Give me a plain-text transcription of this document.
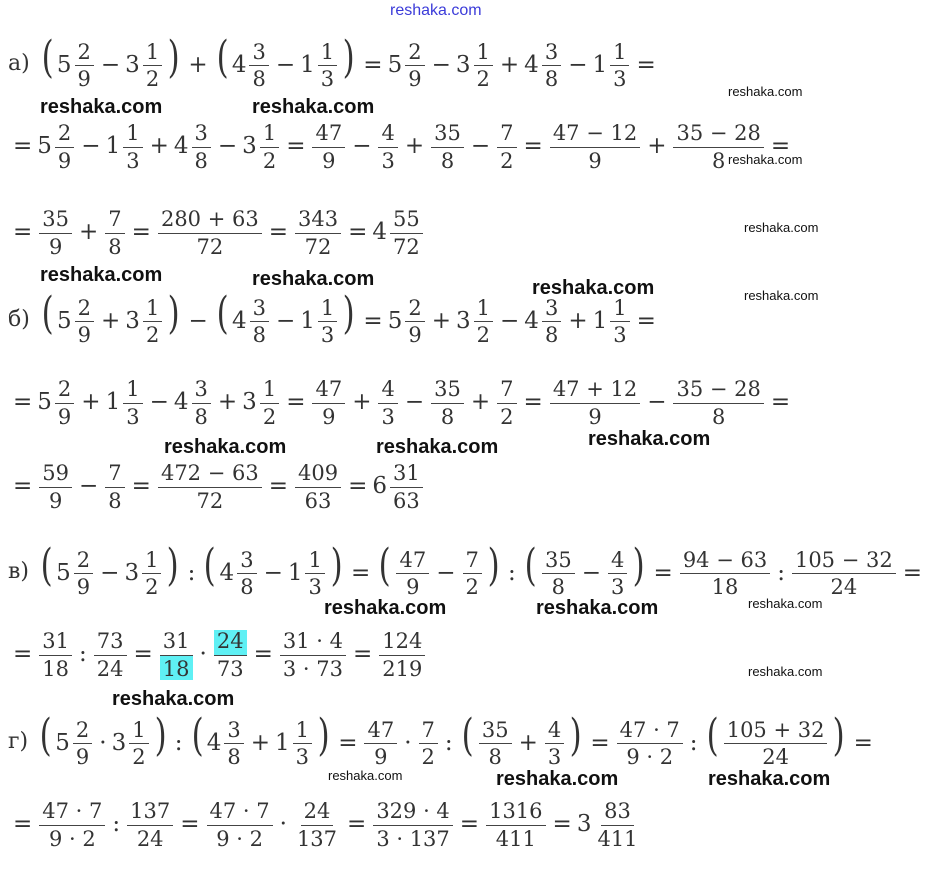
reshaka.com
reshaka.com	reshaka.com
reshaka.com
reshaka.com
reshaka.com
reshaka.com	reshaka.com	reshaka.com	reshaka.com
reshaka.com
reshaka.com	reshaka.com
reshaka.com	reshaka.com	reshaka.com
reshaka.com
reshaka.com
reshaka.com	reshaka.com	reshaka.com
а) ( $5 \frac{2}{9} - 3 \frac{1}{2}$ ) + ( $4 \frac{3}{8} - 1 \frac{1}{3}$ ) = $5 \frac{2}{9} - 3 \frac{1}{2} + 4 \frac{3}{8} - 1 \frac{1}{3}$ =
= $5 \frac{2}{9} - 1 \frac{1}{3} + 4 \frac{3}{8} - 3 \frac{1}{2} = \frac{47}{9} - \frac{4}{3} + \frac{35}{8} - \frac{7}{2} = \frac{47 - 12}{9} + \frac{35 - 28}{8}$ =
= $\frac{35}{9} + \frac{7}{8} = \frac{280 + 63}{72} = \frac{343}{72} = 4 \frac{55}{72}$
б) ( $5 \frac{2}{9} + 3 \frac{1}{2}$ ) − ( $4 \frac{3}{8} - 1 \frac{1}{3}$ ) = $5 \frac{2}{9} + 3 \frac{1}{2} - 4 \frac{3}{8} + 1 \frac{1}{3}$ =
= $5 \frac{2}{9} + 1 \frac{1}{3} - 4 \frac{3}{8} + 3 \frac{1}{2} = \frac{47}{9} + \frac{4}{3} - \frac{35}{8} + \frac{7}{2} = \frac{47 + 12}{9} - \frac{35 - 28}{8}$ =
= $\frac{59}{9} - \frac{7}{8} = \frac{472 - 63}{72} = \frac{409}{63} = 6 \frac{31}{63}$
в) ( $5 \frac{2}{9} - 3 \frac{1}{2}$ ) : ( $4 \frac{3}{8} - 1 \frac{1}{3}$ ) = ( $\frac{47}{9} - \frac{7}{2}$ ) : ( $\frac{35}{8} - \frac{4}{3}$ ) = $\frac{94 - 63}{18}$ : $\frac{105 - 32}{24}$ =
= $\frac{31}{18}$ : $\frac{73}{24} = \frac{31}{18} \cdot \frac{24}{73} = \frac{31 \cdot 4}{3 \cdot 73} = \frac{124}{219}$
г) ( $5 \frac{2}{9} \cdot 3 \frac{1}{2}$ ) : ( $4 \frac{3}{8} + 1 \frac{1}{3}$ ) = $\frac{47}{9} \cdot \frac{7}{2}$ : ( $\frac{35}{8} + \frac{4}{3}$ ) = $\frac{47 \cdot 7}{9 \cdot 2}$ : ( $\frac{105 + 32}{24}$ ) =
= $\frac{47 \cdot 7}{9 \cdot 2}$ : $\frac{137}{24} = \frac{47 \cdot 7}{9 \cdot 2} \cdot \frac{24}{137} = \frac{329 \cdot 4}{3 \cdot 137} = \frac{1316}{411} = 3 \frac{83}{411}$
